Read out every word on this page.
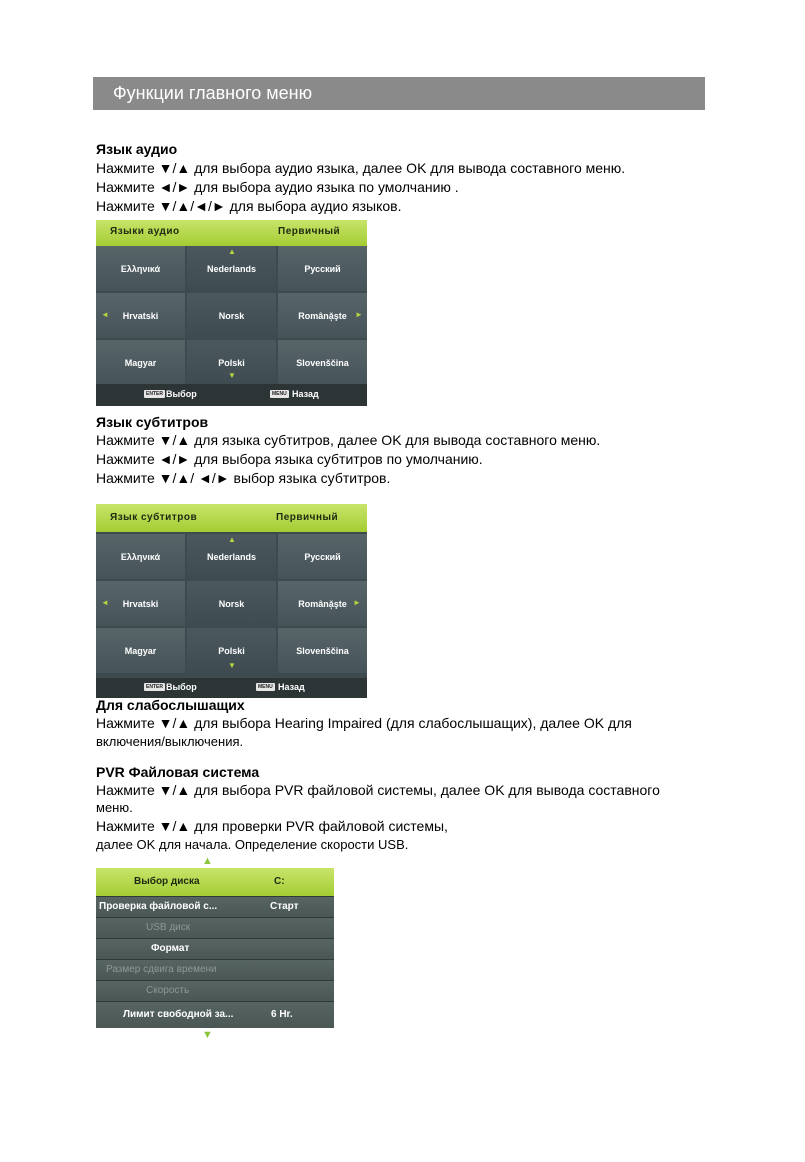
Функции главного меню
Язык аудио
Нажмите ▼/▲ для выбора аудио языка, далее OK для вывода составного меню.
Нажмите ◄/► для выбора аудио языка по умолчанию .
Нажмите ▼/▲/◄/► для выбора аудио языков.
Языки аудио	Первичный
Ελληνικά	Nederlands	Русский
Hrvatski	Norsk	Română̦şte
Magyar	Polski	Slovenščina
▲
▼
◄	►
ENTER Выбор	MENU Назад
Язык субтитров
Нажмите ▼/▲ для языка субтитров, далее OK для вывода составного меню.
Нажмите ◄/► для выбора языка субтитров по умолчанию.
Нажмите ▼/▲/ ◄/► выбор языка субтитров.
Язык субтитров	Первичный
Ελληνικά	Nederlands	Русский
Hrvatski	Norsk	Română̦şte
Magyar	Polski	Slovenščina
▲
▼
◄	►
ENTER Выбор	MENU Назад
Для слабослышащих
Нажмите ▼/▲ для выбора Hearing Impaired (для слабослышащих), далее OK для
включения/выключения.
PVR Файловая система
Нажмите ▼/▲ для выбора PVR файловой системы, далее OK для вывода составного
меню.
Нажмите ▼/▲ для проверки PVR файловой системы,
далее OK для начала. Определение скорости USB.
▲
Выбор диска	C:
Проверка файловой с...	Старт
USB диск
Формат
Размер сдвига времени
Скорость
Лимит свободной за...	6 Hr.
▼
